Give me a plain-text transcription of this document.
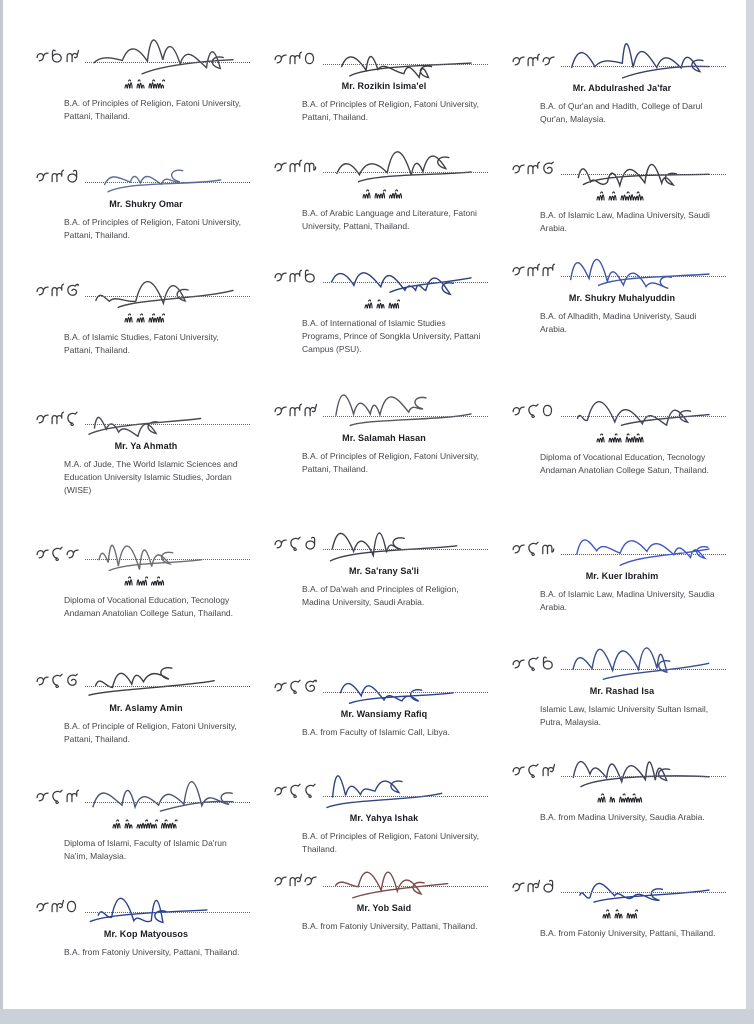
B.A. of Principles of Religion, Fatoni University, Pattani, Thailand.
Mr. Rozikin Isima'el
B.A. of Principles of Religion, Fatoni University, Pattani, Thailand.
Mr. Abdulrashed Ja'far
B.A. of Qur'an and Hadith, College of Darul Qur'an, Malaysia.
Mr. Shukry Omar
B.A. of Principles of Religion, Fatoni University, Pattani, Thailand.
B.A. of Arabic Language and Literature, Fatoni University, Pattani, Thailand.
B.A. of Islamic Law, Madina University, Saudi Arabia.
B.A. of Islamic Studies, Fatoni University, Pattani, Thailand.
B.A. of International of Islamic Studies Programs, Prince of Songkla University, Pattani Campus (PSU).
Mr. Shukry Muhalyuddin
B.A. of Alhadith, Madina Univeristy, Saudi Arabia.
Mr. Ya Ahmath
M.A. of Jude, The World Islamic Sciences and Education University Islamic Studies, Jordan (WISE)
Mr. Salamah Hasan
B.A. of Principles of Religion, Fatoni University, Pattani, Thailand.
Diploma of Vocational Education, Tecnology Andaman Anatolian College Satun, Thailand.
Diploma of Vocational Education, Tecnology Andaman Anatolian College Satun, Thailand.
Mr. Sa'rany Sa'li
B.A. of Da'wah and Principles of Religion, Madina University, Saudi Arabia.
Mr. Kuer Ibrahim
B.A. of Islamic Law, Madina University, Saudia Arabia.
Mr. Aslamy Amin
B.A. of Principle of Religion, Fatoni University, Pattani, Thailand.
Mr. Wansiamy Rafiq
B.A. from Faculty of Islamic Call, Libya.
Mr. Rashad Isa
Islamic Law, Islamic University Sultan Ismail, Putra, Malaysia.
Diploma of Islami, Faculty of Islamic Da'run Na'im, Malaysia.
Mr. Yahya Ishak
B.A. of Principles of Religion, Fatoni University, Thailand.
B.A. from Madina University, Saudia Arabia.
Mr. Kop Matyousos
B.A. from Fatoniy University, Pattani, Thailand.
Mr. Yob Said
B.A. from Fatoniy University, Pattani, Thailand.
B.A. from Fatoniy University, Pattani, Thailand.
